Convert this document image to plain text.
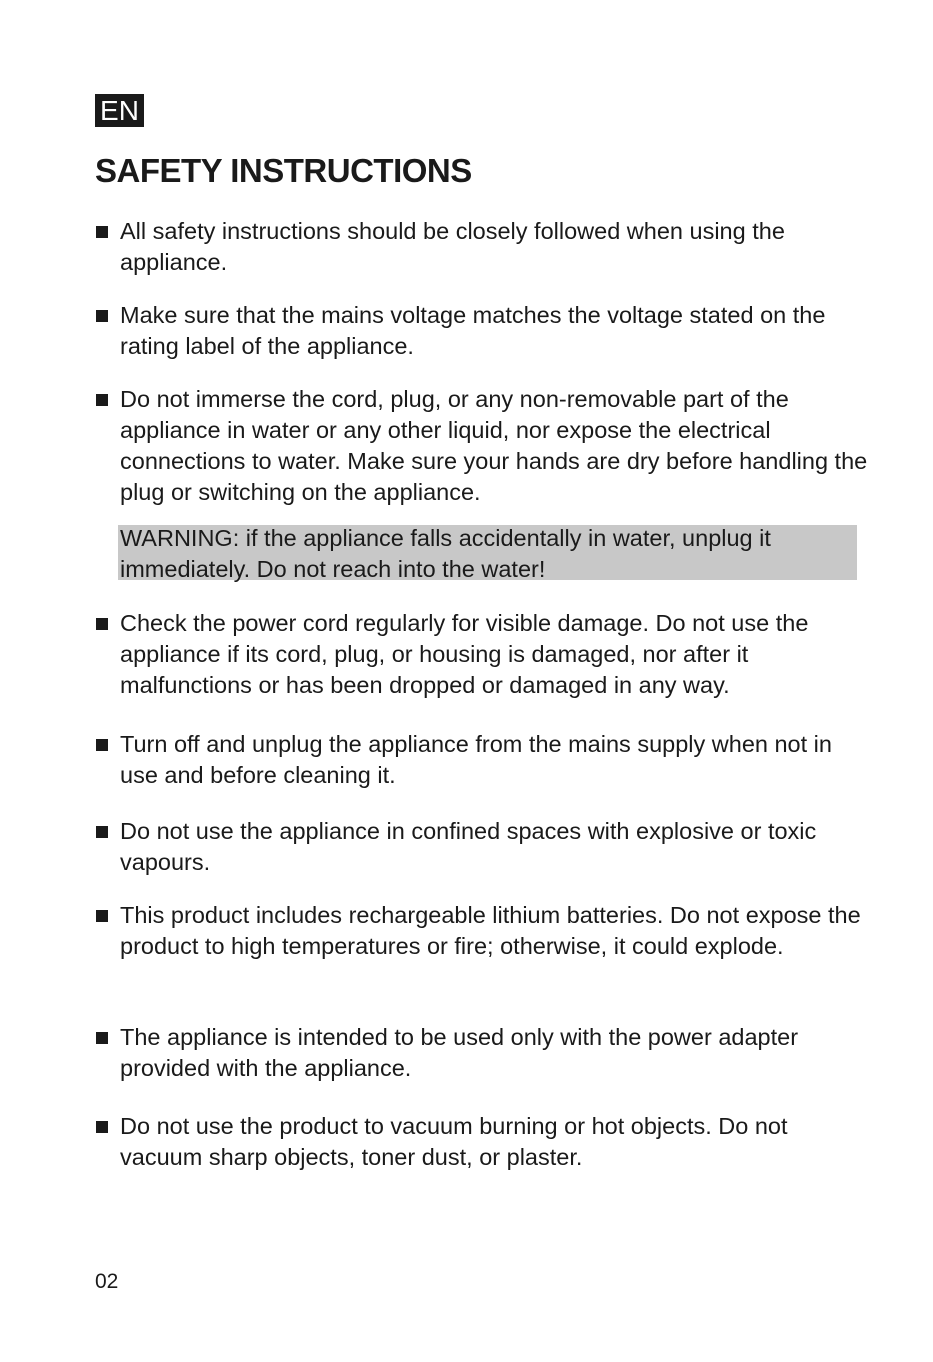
EN
SAFETY INSTRUCTIONS
All safety instructions should be closely followed when using the appliance.
Make sure that the mains voltage matches the voltage stated on the rating label of the appliance.
Do not immerse the cord, plug, or any non-removable part of the appliance in water or any other liquid, nor expose the electrical connections to water. Make sure your hands are dry before handling the plug or switching on the appliance.
WARNING: if the appliance falls accidentally in water, unplug it immediately. Do not reach into the water!
Check the power cord regularly for visible damage. Do not use the appliance if its cord, plug, or housing is damaged, nor after it malfunctions or has been dropped or damaged in any way.
Turn off and unplug the appliance from the mains supply when not in use and before cleaning it.
Do not use the appliance in confined spaces with explosive or toxic vapours.
This product includes rechargeable lithium batteries. Do not expose the product to high temperatures or fire; otherwise, it could explode.
The appliance is intended to be used only with the power adapter provided with the appliance.
Do not use the product to vacuum burning or hot objects. Do not vacuum sharp objects, toner dust, or plaster.
02
